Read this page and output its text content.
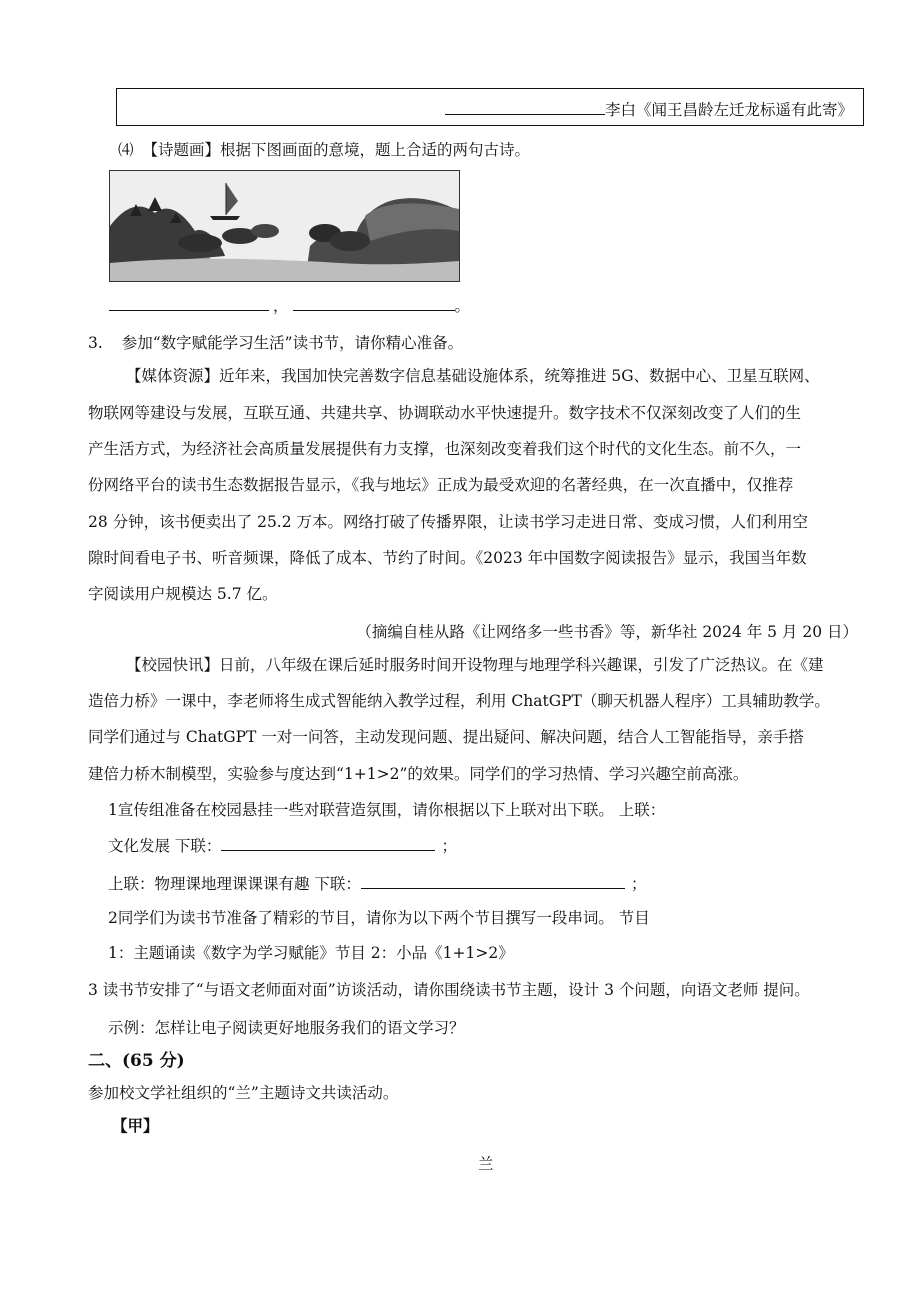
李白《闻王昌龄左迁龙标遥有此寄》
⑷ 【诗题画】根据下图画面的意境，题上合适的两句古诗。
，	。
3. 参加“数字赋能学习生活”读书节，请你精心准备。
【媒体资源】近年来，我国加快完善数字信息基础设施体系，统筹推进 5G、数据中心、卫星互联网、
物联网等建设与发展，互联互通、共建共享、协调联动水平快速提升。数字技术不仅深刻改变了人们的生
产生活方式，为经济社会高质量发展提供有力支撑，也深刻改变着我们这个时代的文化生态。前不久，一
份网络平台的读书生态数据报告显示，《我与地坛》正成为最受欢迎的名著经典，在一次直播中，仅推荐
28 分钟，该书便卖出了 25.2 万本。网络打破了传播界限，让读书学习走进日常、变成习惯，人们利用空
隙时间看电子书、听音频课，降低了成本、节约了时间。《2023 年中国数字阅读报告》显示，我国当年数
字阅读用户规模达 5.7 亿。
（摘编自桂从路《让网络多一些书香》等，新华社 2024 年 5 月 20 日）
【校园快讯】日前，八年级在课后延时服务时间开设物理与地理学科兴趣课，引发了广泛热议。在《建
造倍力桥》一课中，李老师将生成式智能纳入教学过程，利用 ChatGPT（聊天机器人程序）工具辅助教学。
同学们通过与 ChatGPT 一对一问答，主动发现问题、提出疑问、解决问题，结合人工智能指导，亲手搭
建倍力桥木制模型，实验参与度达到“1+1>2”的效果。同学们的学习热情、学习兴趣空前高涨。
1宣传组准备在校园悬挂一些对联营造氛围，请你根据以下上联对出下联。 上联：
文化发展 下联：	；
上联：物理课地理课课课有趣 下联：	；
2同学们为读书节准备了精彩的节目，请你为以下两个节目撰写一段串词。 节目
1：主题诵读《数字为学习赋能》节目 2：小品《1+1>2》
3 读书节安排了“与语文老师面对面”访谈活动，请你围绕读书节主题，设计 3 个问题，向语文老师 提问。
示例：怎样让电子阅读更好地服务我们的语文学习？
二、(65 分)
参加校文学社组织的“兰”主题诗文共读活动。
【甲】
兰
